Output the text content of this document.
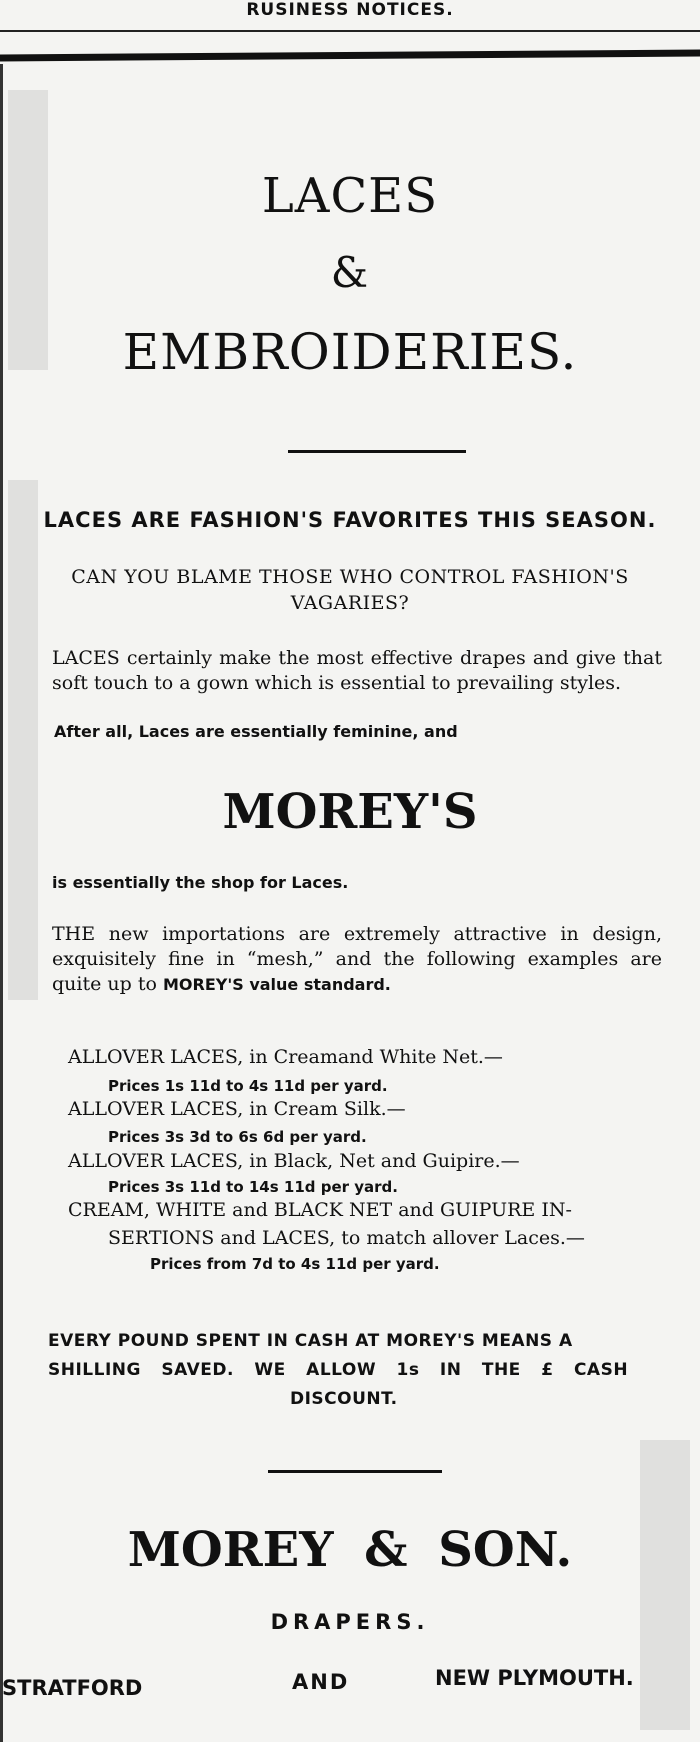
RUSINESS NOTICES.
LACES
&
EMBROIDERIES.
LACES ARE FASHION'S FAVORITES THIS SEASON.
CAN YOU BLAME THOSE WHO CONTROL FASHION'S
VAGARIES?
LACES certainly make the most effective drapes and give that soft touch to a gown which is essential to prevailing styles.
After all, Laces are essentially feminine, and
MOREY'S
is essentially the shop for Laces.
THE new importations are extremely attractive in design, exquisitely fine in “mesh,” and the following examples are quite up to MOREY'S value standard.
ALLOVER LACES, in Creamand White Net.—
Prices 1s 11d to 4s 11d per yard.
ALLOVER LACES, in Cream Silk.—
Prices 3s 3d to 6s 6d per yard.
ALLOVER LACES, in Black, Net and Guipire.—
Prices 3s 11d to 14s 11d per yard.
CREAM, WHITE and BLACK NET and GUIPURE IN-
SERTIONS and LACES, to match allover Laces.—
Prices from 7d to 4s 11d per yard.
EVERY POUND SPENT IN CASH AT MOREY'S MEANS A
SHILLING SAVED. WE ALLOW 1s IN THE £ CASH
DISCOUNT.
MOREY & SON.
DRAPERS.
STRATFORD	AND	NEW PLYMOUTH.
